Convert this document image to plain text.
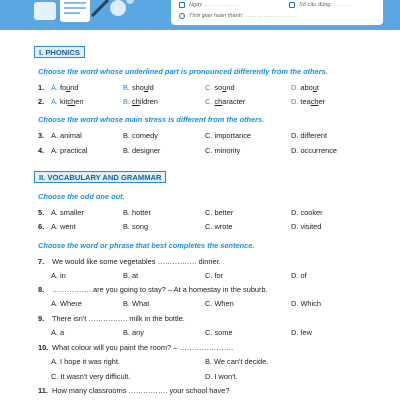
Ngày ………………	Số câu đúng: ………
Thời gian hoàn thành: ………………………
I. PHONICS
Choose the word whose underlined part is pronounced differently from the others.
1. A. found	B. should	C. sound	D. about
2. A. kitchen	B. children	C. character	D. teacher
Choose the word whose main stress is different from the others.
3. A. animal	B. comedy	C. importance	D. different
4. A. practical	B. designer	C. minority	D. occurrence
II. VOCABULARY AND GRAMMAR
Choose the odd one out.
5. A. smaller	B. hotter	C. better	D. cooker
6. A. went	B. song	C. wrote	D. visited
Choose the word or phrase that best completes the sentence.
7. We would like some vegetables ……………. dinner.
A. in	B. at	C. for	D. of
8. ……………. are you going to stay? – At a homestay in the suburb.
A. Where	B. What	C. When	D. Which
9. There isn't ……………. milk in the bottle.
A. a	B. any	C. some	D. few
10. What colour will you paint the room? – ………………….
A. I hope it was right.	B. We can't decide.
C. It wasn't very difficult.	D. I won't.
11. How many classrooms ……………. your school have?
